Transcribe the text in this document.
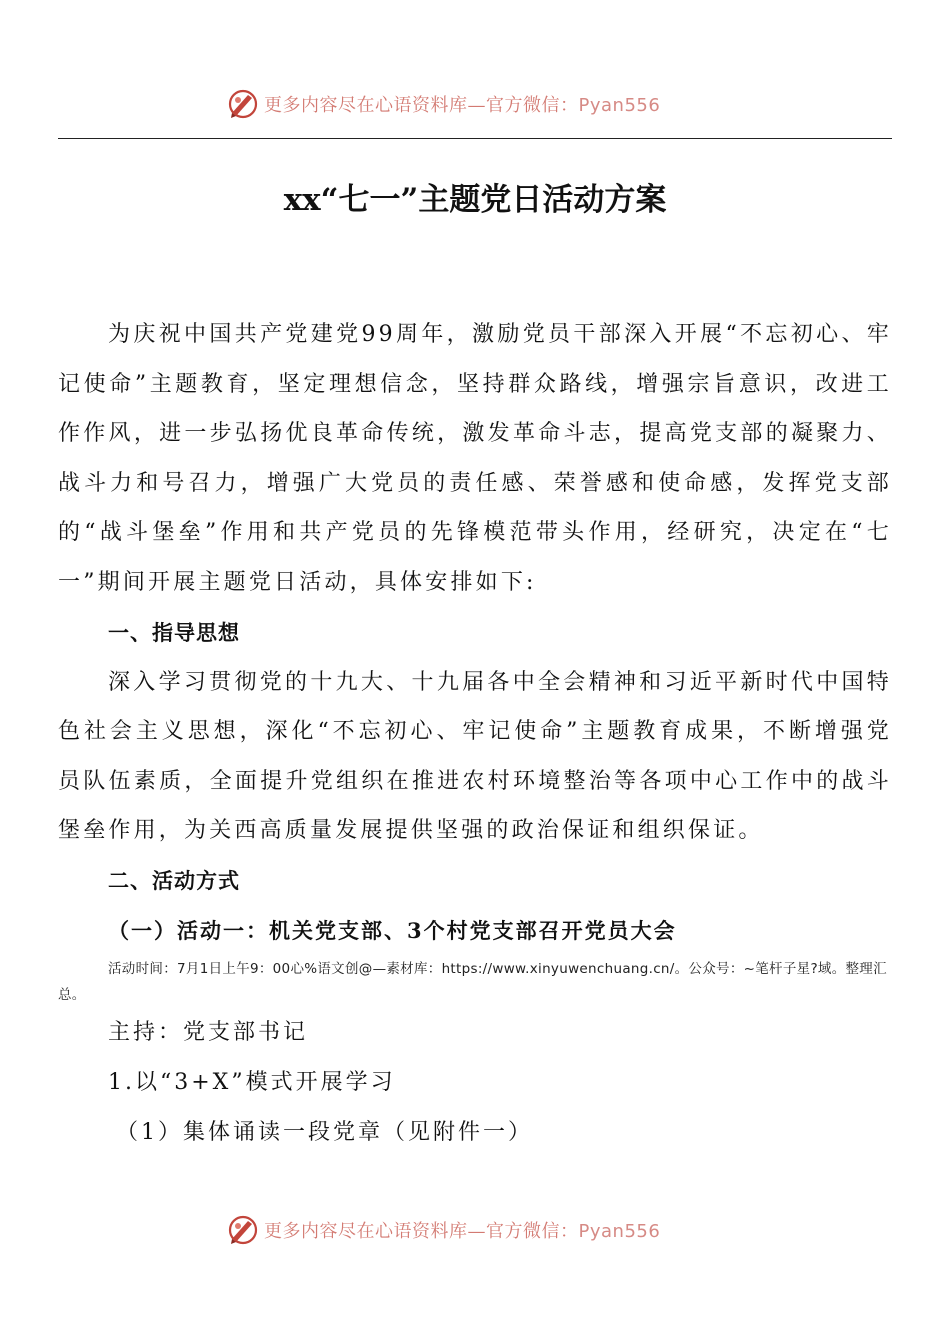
更多内容尽在心语资料库—官方微信：Pyan556
xx“七一”主题党日活动方案

为庆祝中国共产党建党99周年，激励党员干部深入开展“不忘初心、牢记使命”主题教育，坚定理想信念，坚持群众路线，增强宗旨意识，改进工作作风，进一步弘扬优良革命传统，激发革命斗志，提高党支部的凝聚力、战斗力和号召力，增强广大党员的责任感、荣誉感和使命感，发挥党支部的“战斗堡垒”作用和共产党员的先锋模范带头作用，经研究，决定在“七一”期间开展主题党日活动，具体安排如下:

一、指导思想

深入学习贯彻党的十九大、十九届各中全会精神和习近平新时代中国特色社会主义思想，深化“不忘初心、牢记使命”主题教育成果，不断增强党员队伍素质，全面提升党组织在推进农村环境整治等各项中心工作中的战斗堡垒作用，为关西高质量发展提供坚强的政治保证和组织保证。

二、活动方式

（一）活动一：机关党支部、3个村党支部召开党员大会

活动时间：7月1日上午9：00心%语文创@—素材库：https://www.xinyuwenchuang.cn/。公众号：~笔杆子星?域。整理汇总。

主持：党支部书记

1.以“3+X”模式开展学习

（1）集体诵读一段党章（见附件一）

更多内容尽在心语资料库—官方微信：Pyan556
